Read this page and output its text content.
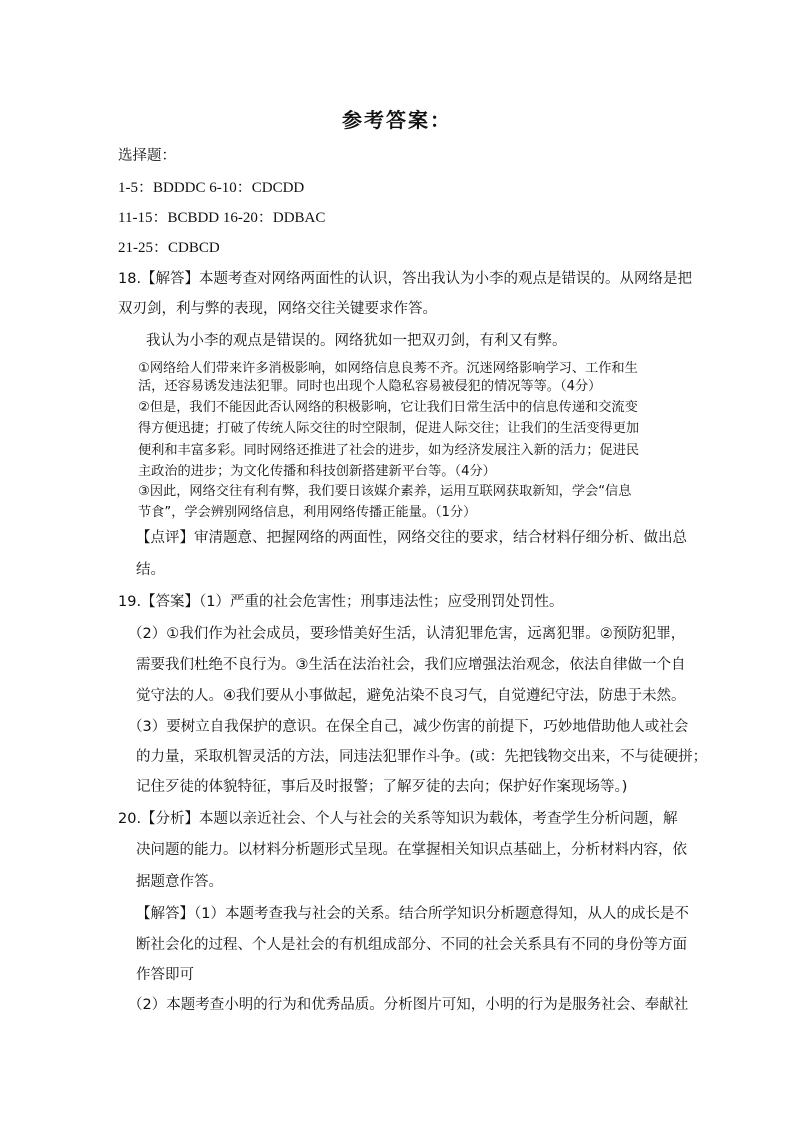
参考答案：
选择题：
1-5：BDDDC 6-10：CDCDD
11-15：BCBDD 16-20：DDBAC
21-25：CDBCD
18.【解答】本题考查对网络两面性的认识，答出我认为小李的观点是错误的。从网络是把
双刃剑，利与弊的表现，网络交往关键要求作答。
我认为小李的观点是错误的。网络犹如一把双刃剑，有利又有弊。
①网络给人们带来许多消极影响，如网络信息良莠不齐。沉迷网络影响学习、工作和生
活，还容易诱发违法犯罪。同时也出现个人隐私容易被侵犯的情况等等。（4分）
②但是，我们不能因此否认网络的积极影响，它让我们日常生活中的信息传递和交流变
得方便迅捷；打破了传统人际交往的时空限制，促进人际交往；让我们的生活变得更加
便利和丰富多彩。同时网络还推进了社会的进步，如为经济发展注入新的活力；促进民
主政治的进步；为文化传播和科技创新搭建新平台等。（4分）
③因此，网络交往有利有弊，我们要日该媒介素养，运用互联网获取新知，学会“信息
节食”，学会辨别网络信息，利用网络传播正能量。（1分）
【点评】审清题意、把握网络的两面性，网络交往的要求，结合材料仔细分析、做出总
结。
19.【答案】（1）严重的社会危害性；刑事违法性；应受刑罚处罚性。
（2）①我们作为社会成员，要珍惜美好生活，认清犯罪危害，远离犯罪。②预防犯罪，
需要我们杜绝不良行为。③生活在法治社会，我们应增强法治观念，依法自律做一个自
觉守法的人。④我们要从小事做起，避免沾染不良习气，自觉遵纪守法，防患于未然。
（3）要树立自我保护的意识。在保全自己，减少伤害的前提下，巧妙地借助他人或社会
的力量，采取机智灵活的方法，同违法犯罪作斗争。(或：先把钱物交出来，不与徒硬拼；
记住歹徒的体貌特征，事后及时报警；了解歹徒的去向；保护好作案现场等。)
20.【分析】本题以亲近社会、个人与社会的关系等知识为载体，考查学生分析问题，解
决问题的能力。以材料分析题形式呈现。在掌握相关知识点基础上，分析材料内容，依
据题意作答。
【解答】（1）本题考查我与社会的关系。结合所学知识分析题意得知，从人的成长是不
断社会化的过程、个人是社会的有机组成部分、不同的社会关系具有不同的身份等方面
作答即可
（2）本题考查小明的行为和优秀品质。分析图片可知，小明的行为是服务社会、奉献社
